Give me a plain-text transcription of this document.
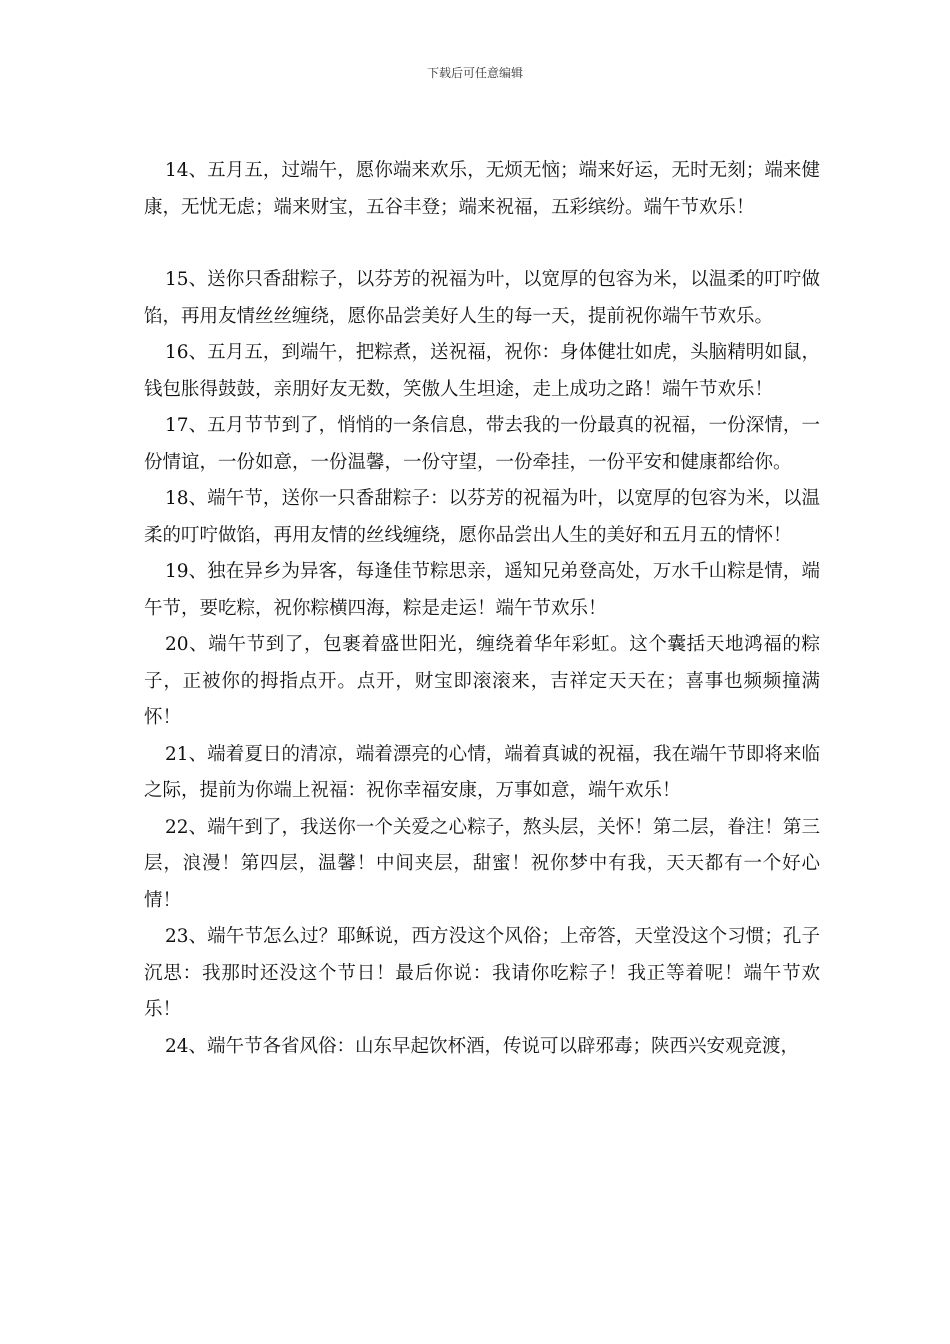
下载后可任意编辑

14、五月五，过端午，愿你端来欢乐，无烦无恼；端来好运，无时无刻；端来健康，无忧无虑；端来财宝，五谷丰登；端来祝福，五彩缤纷。端午节欢乐！

15、送你只香甜粽子，以芬芳的祝福为叶，以宽厚的包容为米，以温柔的叮咛做馅，再用友情丝丝缠绕，愿你品尝美好人生的每一天，提前祝你端午节欢乐。

16、五月五，到端午，把粽煮，送祝福，祝你：身体健壮如虎，头脑精明如鼠，钱包胀得鼓鼓，亲朋好友无数，笑傲人生坦途，走上成功之路！端午节欢乐！

17、五月节节到了，悄悄的一条信息，带去我的一份最真的祝福，一份深情，一份情谊，一份如意，一份温馨，一份守望，一份牵挂，一份平安和健康都给你。

18、端午节，送你一只香甜粽子：以芬芳的祝福为叶，以宽厚的包容为米，以温柔的叮咛做馅，再用友情的丝线缠绕，愿你品尝出人生的美好和五月五的情怀！

19、独在异乡为异客，每逢佳节粽思亲，遥知兄弟登高处，万水千山粽是情，端午节，要吃粽，祝你粽横四海，粽是走运！端午节欢乐！

20、端午节到了，包裹着盛世阳光，缠绕着华年彩虹。这个囊括天地鸿福的粽子，正被你的拇指点开。点开，财宝即滚滚来，吉祥定天天在；喜事也频频撞满怀！

21、端着夏日的清凉，端着漂亮的心情，端着真诚的祝福，我在端午节即将来临之际，提前为你端上祝福：祝你幸福安康，万事如意，端午欢乐！

22、端午到了，我送你一个关爱之心粽子，熬头层，关怀！第二层，眷注！第三层，浪漫！第四层，温馨！中间夹层，甜蜜！祝你梦中有我，天天都有一个好心情！

23、端午节怎么过？耶稣说，西方没这个风俗；上帝答，天堂没这个习惯；孔子沉思：我那时还没这个节日！最后你说：我请你吃粽子！我正等着呢！端午节欢乐！

24、端午节各省风俗：山东早起饮杯酒，传说可以辟邪毒；陕西兴安观竞渡，
